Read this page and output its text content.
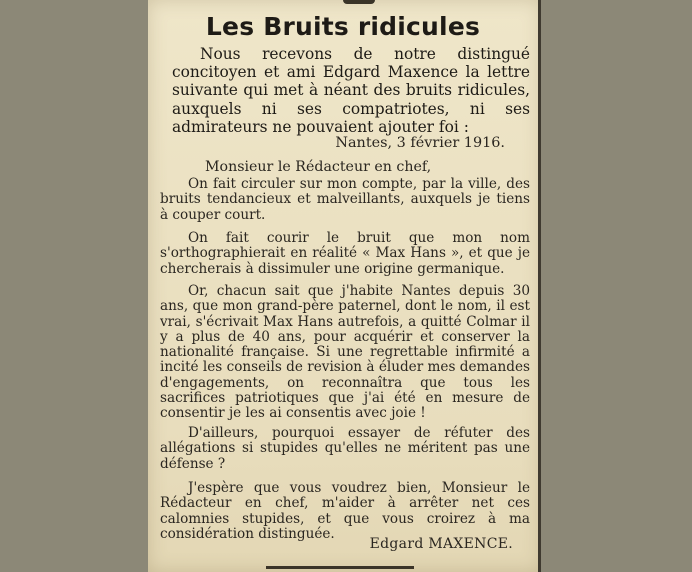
Les Bruits ridicules

Nous recevons de notre distingué concitoyen et ami Edgard Maxence la lettre suivante qui met à néant des bruits ridicules, auxquels ni ses compatriotes, ni ses admirateurs ne pouvaient ajouter foi :

Nantes, 3 février 1916.
Monsieur le Rédacteur en chef,

On fait circuler sur mon compte, par la ville, des bruits tendancieux et malveillants, auxquels je tiens à couper court.

On fait courir le bruit que mon nom s'orthographierait en réalité « Max Hans », et que je chercherais à dissimuler une origine germanique.

Or, chacun sait que j'habite Nantes depuis 30 ans, que mon grand-père paternel, dont le nom, il est vrai, s'écrivait Max Hans autrefois, a quitté Colmar il y a plus de 40 ans, pour acquérir et conserver la nationalité française. Si une regrettable infirmité a incité les conseils de revision à éluder mes demandes d'engagements, on reconnaîtra que tous les sacrifices patriotiques que j'ai été en mesure de consentir je les ai consentis avec joie !

D'ailleurs, pourquoi essayer de réfuter des allégations si stupides qu'elles ne méritent pas une défense ?

J'espère que vous voudrez bien, Monsieur le Rédacteur en chef, m'aider à arrêter net ces calomnies stupides, et que vous croirez à ma considération distinguée.

Edgard MAXENCE.
